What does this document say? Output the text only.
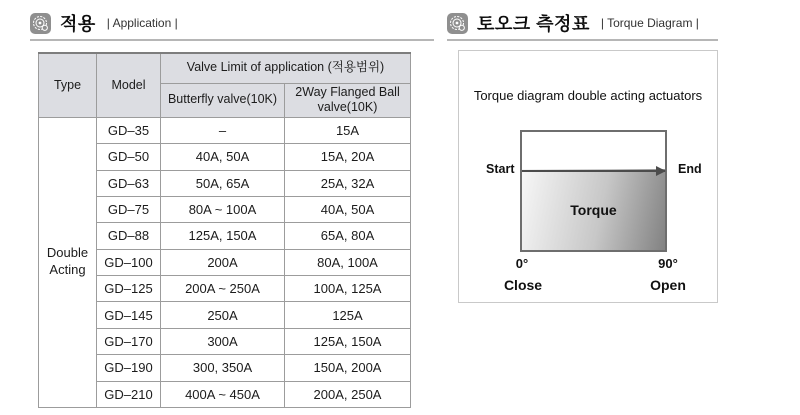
적용 | Application |
Type	Model	Valve Limit of application (적용범위)	
		Butterfly valve(10K)	2Way Flanged Ball valve(10K)
Double Acting	GD–35	–	15A
	GD–50	40A, 50A	15A, 20A
	GD–63	50A, 65A	25A, 32A
	GD–75	80A ~ 100A	40A, 50A
	GD–88	125A, 150A	65A, 80A
	GD–100	200A	80A, 100A
	GD–125	200A ~ 250A	100A, 125A
	GD–145	250A	125A
	GD–170	300A	125A, 150A
	GD–190	300, 350A	150A, 200A
	GD–210	400A ~ 450A	200A, 250A
토오크 측정표 | Torque Diagram |
Torque diagram double acting actuators
Torque
Start	End
0°	90°
Close	Open
